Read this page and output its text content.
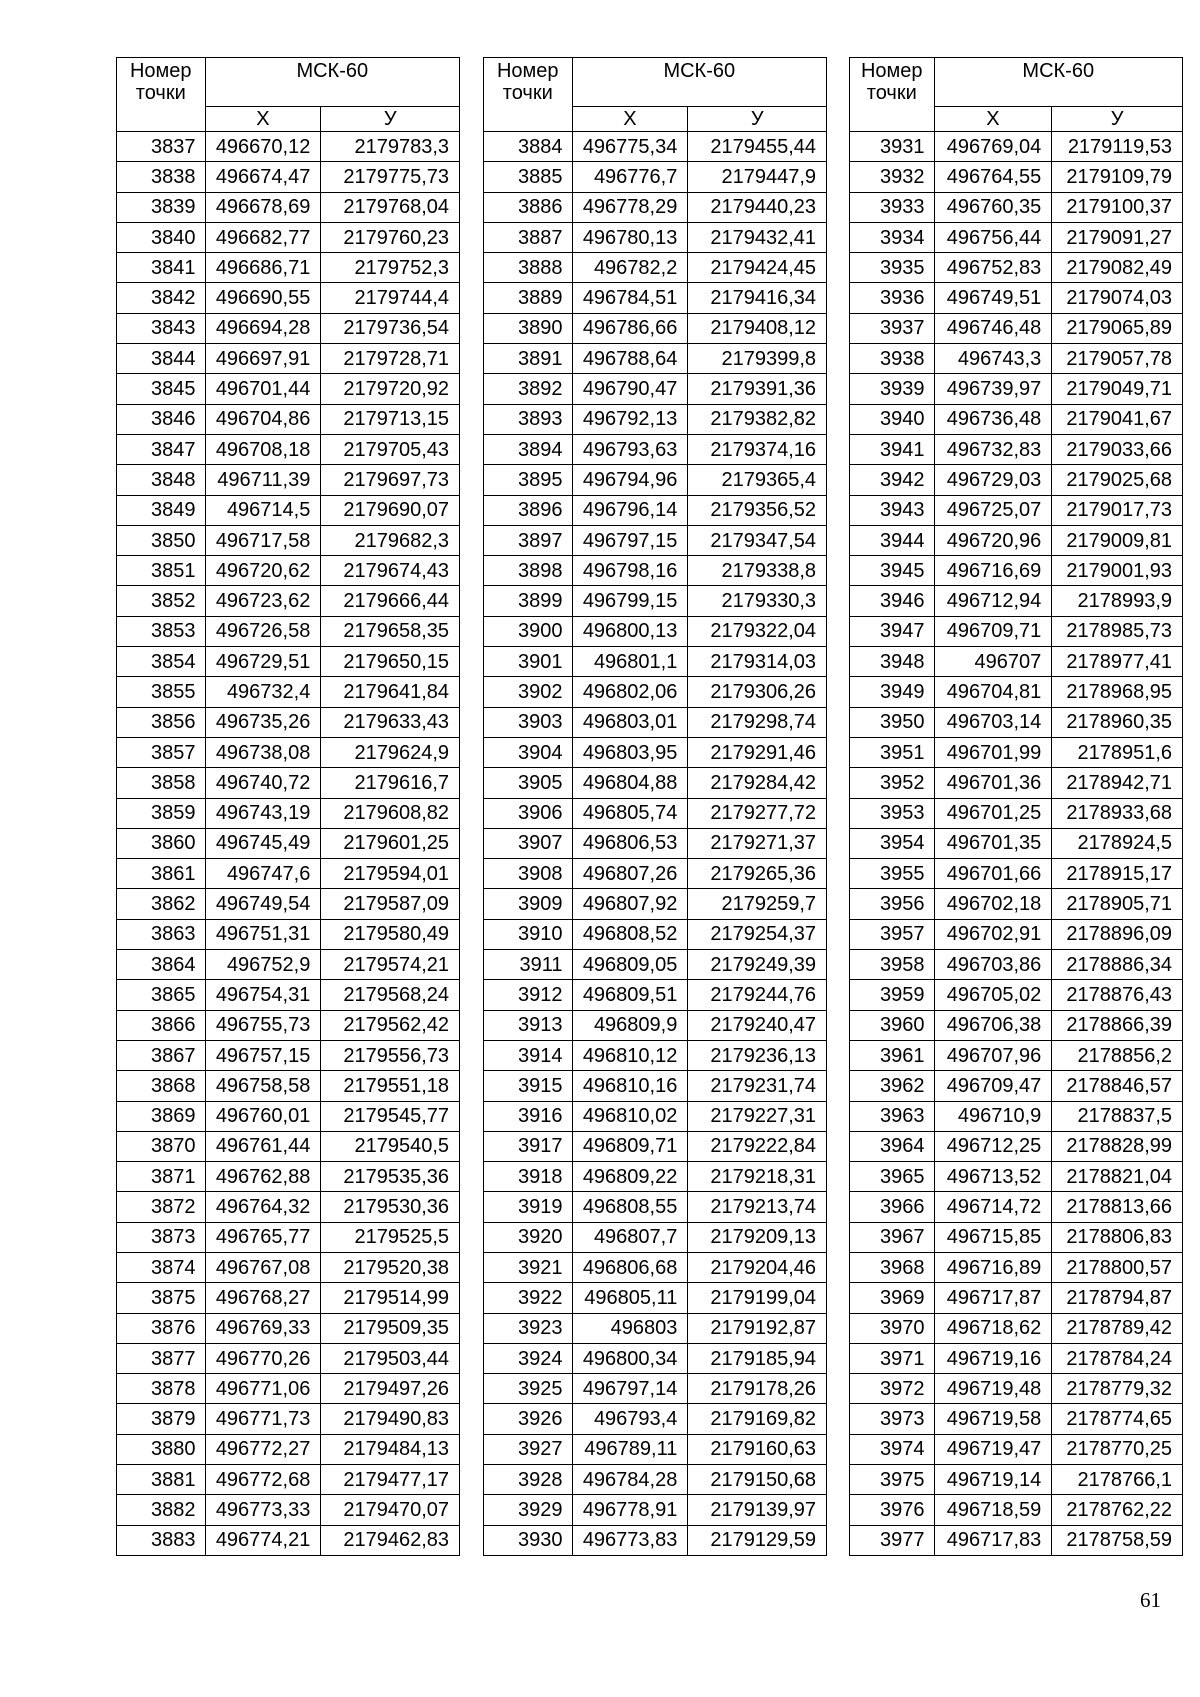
Номер
точки	МСК-60	
	Х	У
3837	496670,12	2179783,3
3838	496674,47	2179775,73
3839	496678,69	2179768,04
3840	496682,77	2179760,23
3841	496686,71	2179752,3
3842	496690,55	2179744,4
3843	496694,28	2179736,54
3844	496697,91	2179728,71
3845	496701,44	2179720,92
3846	496704,86	2179713,15
3847	496708,18	2179705,43
3848	496711,39	2179697,73
3849	496714,5	2179690,07
3850	496717,58	2179682,3
3851	496720,62	2179674,43
3852	496723,62	2179666,44
3853	496726,58	2179658,35
3854	496729,51	2179650,15
3855	496732,4	2179641,84
3856	496735,26	2179633,43
3857	496738,08	2179624,9
3858	496740,72	2179616,7
3859	496743,19	2179608,82
3860	496745,49	2179601,25
3861	496747,6	2179594,01
3862	496749,54	2179587,09
3863	496751,31	2179580,49
3864	496752,9	2179574,21
3865	496754,31	2179568,24
3866	496755,73	2179562,42
3867	496757,15	2179556,73
3868	496758,58	2179551,18
3869	496760,01	2179545,77
3870	496761,44	2179540,5
3871	496762,88	2179535,36
3872	496764,32	2179530,36
3873	496765,77	2179525,5
3874	496767,08	2179520,38
3875	496768,27	2179514,99
3876	496769,33	2179509,35
3877	496770,26	2179503,44
3878	496771,06	2179497,26
3879	496771,73	2179490,83
3880	496772,27	2179484,13
3881	496772,68	2179477,17
3882	496773,33	2179470,07
3883	496774,21	2179462,83
Номер
точки	МСК-60	
	Х	У
3884	496775,34	2179455,44
3885	496776,7	2179447,9
3886	496778,29	2179440,23
3887	496780,13	2179432,41
3888	496782,2	2179424,45
3889	496784,51	2179416,34
3890	496786,66	2179408,12
3891	496788,64	2179399,8
3892	496790,47	2179391,36
3893	496792,13	2179382,82
3894	496793,63	2179374,16
3895	496794,96	2179365,4
3896	496796,14	2179356,52
3897	496797,15	2179347,54
3898	496798,16	2179338,8
3899	496799,15	2179330,3
3900	496800,13	2179322,04
3901	496801,1	2179314,03
3902	496802,06	2179306,26
3903	496803,01	2179298,74
3904	496803,95	2179291,46
3905	496804,88	2179284,42
3906	496805,74	2179277,72
3907	496806,53	2179271,37
3908	496807,26	2179265,36
3909	496807,92	2179259,7
3910	496808,52	2179254,37
3911	496809,05	2179249,39
3912	496809,51	2179244,76
3913	496809,9	2179240,47
3914	496810,12	2179236,13
3915	496810,16	2179231,74
3916	496810,02	2179227,31
3917	496809,71	2179222,84
3918	496809,22	2179218,31
3919	496808,55	2179213,74
3920	496807,7	2179209,13
3921	496806,68	2179204,46
3922	496805,11	2179199,04
3923	496803	2179192,87
3924	496800,34	2179185,94
3925	496797,14	2179178,26
3926	496793,4	2179169,82
3927	496789,11	2179160,63
3928	496784,28	2179150,68
3929	496778,91	2179139,97
3930	496773,83	2179129,59
Номер
точки	МСК-60	
	Х	У
3931	496769,04	2179119,53
3932	496764,55	2179109,79
3933	496760,35	2179100,37
3934	496756,44	2179091,27
3935	496752,83	2179082,49
3936	496749,51	2179074,03
3937	496746,48	2179065,89
3938	496743,3	2179057,78
3939	496739,97	2179049,71
3940	496736,48	2179041,67
3941	496732,83	2179033,66
3942	496729,03	2179025,68
3943	496725,07	2179017,73
3944	496720,96	2179009,81
3945	496716,69	2179001,93
3946	496712,94	2178993,9
3947	496709,71	2178985,73
3948	496707	2178977,41
3949	496704,81	2178968,95
3950	496703,14	2178960,35
3951	496701,99	2178951,6
3952	496701,36	2178942,71
3953	496701,25	2178933,68
3954	496701,35	2178924,5
3955	496701,66	2178915,17
3956	496702,18	2178905,71
3957	496702,91	2178896,09
3958	496703,86	2178886,34
3959	496705,02	2178876,43
3960	496706,38	2178866,39
3961	496707,96	2178856,2
3962	496709,47	2178846,57
3963	496710,9	2178837,5
3964	496712,25	2178828,99
3965	496713,52	2178821,04
3966	496714,72	2178813,66
3967	496715,85	2178806,83
3968	496716,89	2178800,57
3969	496717,87	2178794,87
3970	496718,62	2178789,42
3971	496719,16	2178784,24
3972	496719,48	2178779,32
3973	496719,58	2178774,65
3974	496719,47	2178770,25
3975	496719,14	2178766,1
3976	496718,59	2178762,22
3977	496717,83	2178758,59
61
